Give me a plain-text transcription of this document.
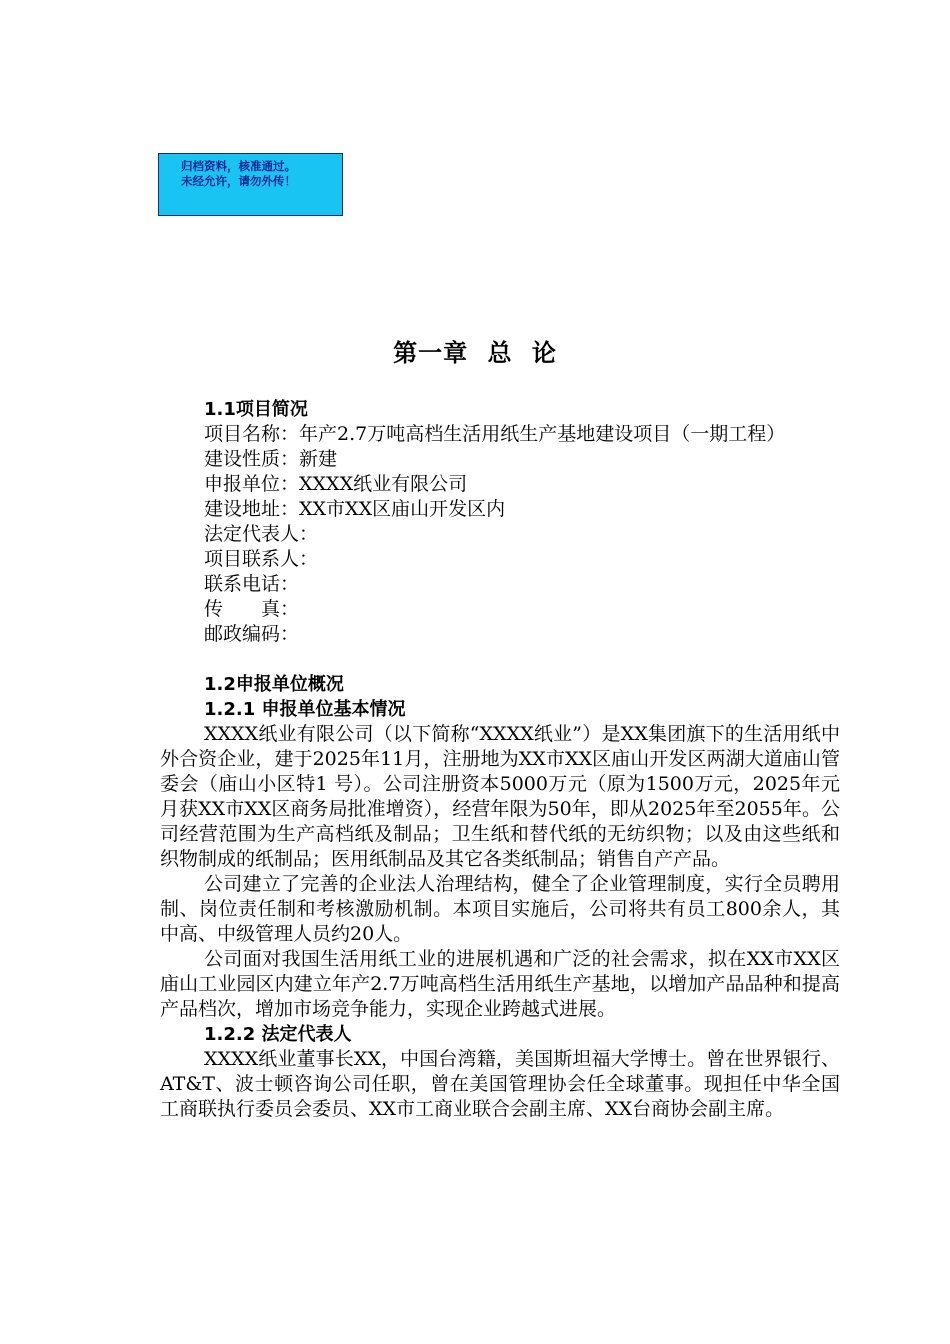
归档资料，核准通过。
未经允许，请勿外传！
第一章 总 论

1.1项目简况

项目名称：年产2.7万吨高档生活用纸生产基地建设项目（一期工程）

建设性质：新建

申报单位：XXXX纸业有限公司

建设地址：XX市XX区庙山开发区内

法定代表人：

项目联系人：

联系电话：

传　　真：

邮政编码：

1.2申报单位概况

1.2.1 申报单位基本情况

XXXX纸业有限公司（以下简称“XXXX纸业”）是XX集团旗下的生活用纸中外合资企业，建于2025年11月，注册地为XX市XX区庙山开发区两湖大道庙山管委会（庙山小区特1 号）。公司注册资本5000万元（原为1500万元，2025年元月获XX市XX区商务局批准增资），经营年限为50年，即从2025年至2055年。公司经营范围为生产高档纸及制品；卫生纸和替代纸的无纺织物；以及由这些纸和织物制成的纸制品；医用纸制品及其它各类纸制品；销售自产产品。

公司建立了完善的企业法人治理结构，健全了企业管理制度，实行全员聘用制、岗位责任制和考核激励机制。本项目实施后，公司将共有员工800余人，其中高、中级管理人员约20人。

公司面对我国生活用纸工业的进展机遇和广泛的社会需求，拟在XX市XX区庙山工业园区内建立年产2.7万吨高档生活用纸生产基地，以增加产品品种和提高产品档次，增加市场竞争能力，实现企业跨越式进展。

1.2.2 法定代表人

XXXX纸业董事长XX，中国台湾籍，美国斯坦福大学博士。曾在世界银行、AT&T、波士顿咨询公司任职，曾在美国管理协会任全球董事。现担任中华全国工商联执行委员会委员、XX市工商业联合会副主席、XX台商协会副主席。
